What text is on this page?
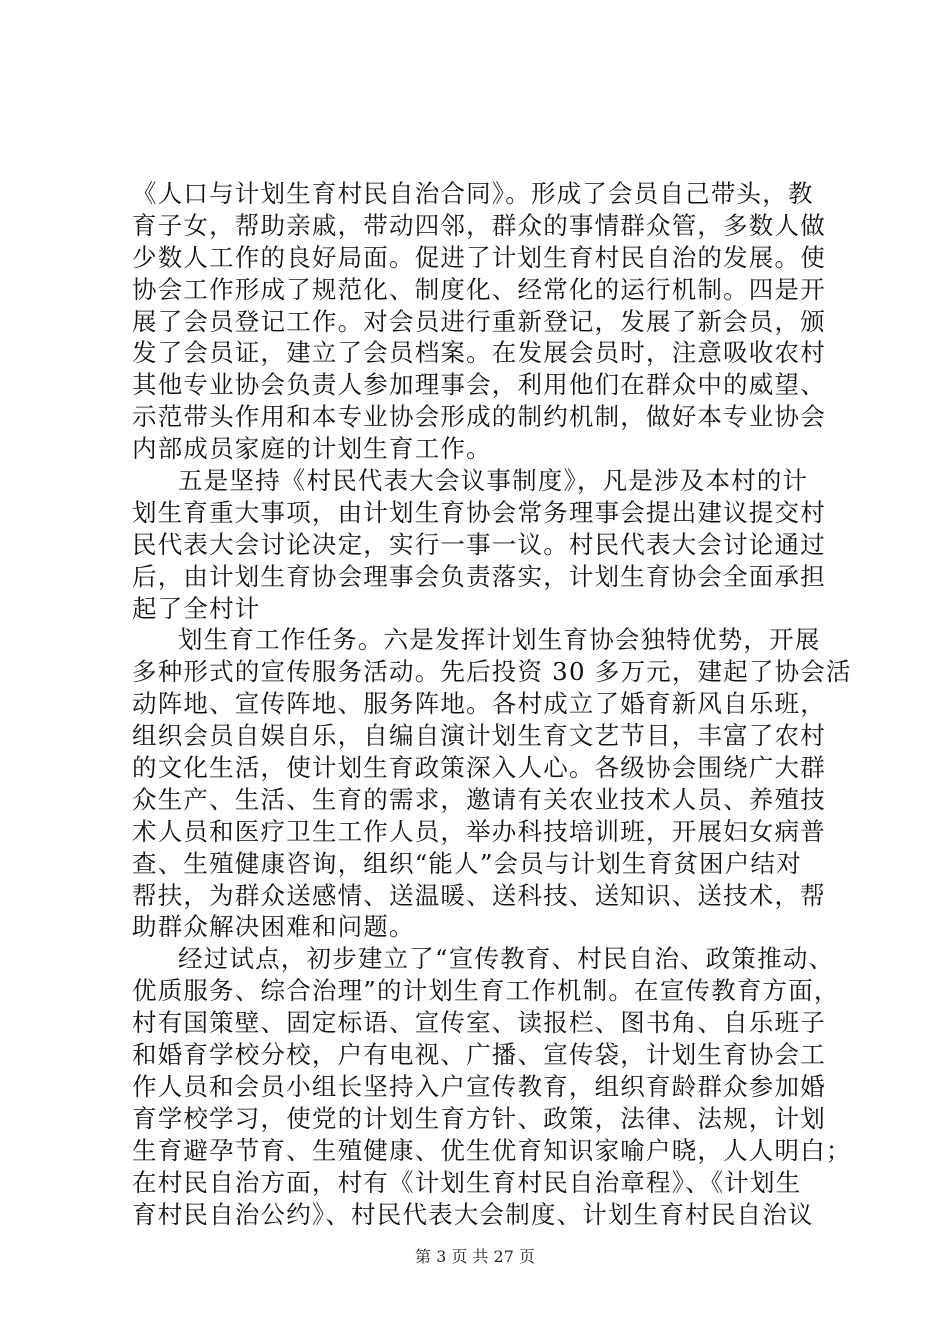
《人口与计划生育村民自治合同》。形成了会员自己带头，教
育子女，帮助亲戚，带动四邻，群众的事情群众管，多数人做
少数人工作的良好局面。促进了计划生育村民自治的发展。使
协会工作形成了规范化、制度化、经常化的运行机制。四是开
展了会员登记工作。对会员进行重新登记，发展了新会员，颁
发了会员证，建立了会员档案。在发展会员时，注意吸收农村
其他专业协会负责人参加理事会，利用他们在群众中的威望、
示范带头作用和本专业协会形成的制约机制，做好本专业协会
内部成员家庭的计划生育工作。
五是坚持《村民代表大会议事制度》，凡是涉及本村的计
划生育重大事项，由计划生育协会常务理事会提出建议提交村
民代表大会讨论决定，实行一事一议。村民代表大会讨论通过
后，由计划生育协会理事会负责落实，计划生育协会全面承担
起了全村计
划生育工作任务。六是发挥计划生育协会独特优势，开展
多种形式的宣传服务活动。先后投资 30 多万元，建起了协会活
动阵地、宣传阵地、服务阵地。各村成立了婚育新风自乐班，
组织会员自娱自乐，自编自演计划生育文艺节目，丰富了农村
的文化生活，使计划生育政策深入人心。各级协会围绕广大群
众生产、生活、生育的需求，邀请有关农业技术人员、养殖技
术人员和医疗卫生工作人员，举办科技培训班，开展妇女病普
查、生殖健康咨询，组织“能人”会员与计划生育贫困户结对
帮扶，为群众送感情、送温暖、送科技、送知识、送技术，帮
助群众解决困难和问题。
经过试点，初步建立了“宣传教育、村民自治、政策推动、
优质服务、综合治理”的计划生育工作机制。在宣传教育方面，
村有国策壁、固定标语、宣传室、读报栏、图书角、自乐班子
和婚育学校分校，户有电视、广播、宣传袋，计划生育协会工
作人员和会员小组长坚持入户宣传教育，组织育龄群众参加婚
育学校学习，使党的计划生育方针、政策，法律、法规，计划
生育避孕节育、生殖健康、优生优育知识家喻户晓，人人明白；
在村民自治方面，村有《计划生育村民自治章程》、《计划生
育村民自治公约》、村民代表大会制度、计划生育村民自治议
第 3 页 共 27 页
